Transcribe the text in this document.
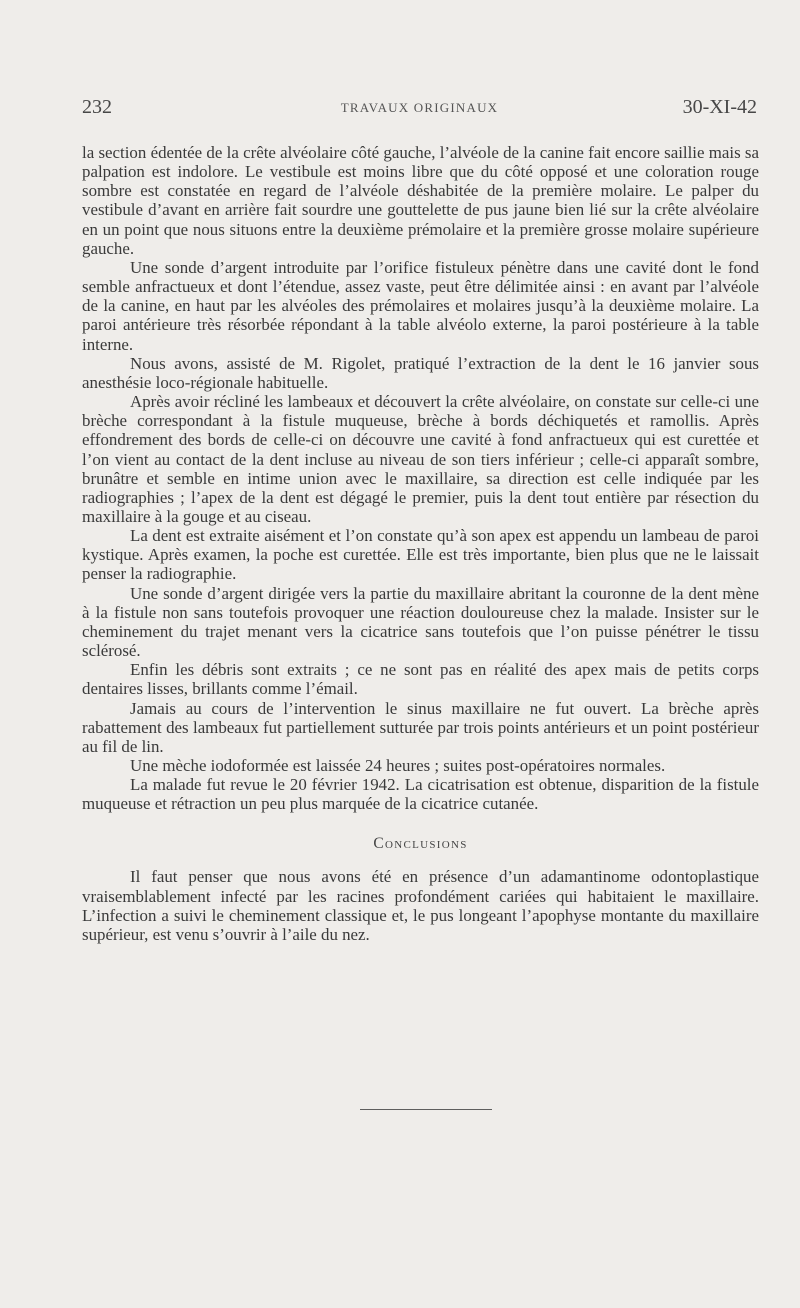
232	TRAVAUX ORIGINAUX	30-XI-42

la section édentée de la crête alvéolaire côté gauche, l’alvéole de la canine fait encore saillie mais sa palpation est indolore. Le vestibule est moins libre que du côté opposé et une coloration rouge sombre est constatée en regard de l’alvéole déshabitée de la première molaire. Le palper du vestibule d’avant en arrière fait sourdre une gouttelette de pus jaune bien lié sur la crête alvéolaire en un point que nous situons entre la deuxième prémolaire et la première grosse molaire supérieure gauche.

Une sonde d’argent introduite par l’orifice fistuleux pénètre dans une cavité dont le fond semble anfractueux et dont l’étendue, assez vaste, peut être délimitée ainsi : en avant par l’alvéole de la canine, en haut par les alvéoles des prémolaires et molaires jusqu’à la deuxième molaire. La paroi antérieure très résorbée répondant à la table alvéolo externe, la paroi postérieure à la table interne.

Nous avons, assisté de M. Rigolet, pratiqué l’extraction de la dent le 16 janvier sous anesthésie loco-régionale habituelle.

Après avoir récliné les lambeaux et découvert la crête alvéolaire, on constate sur celle-ci une brèche correspondant à la fistule muqueuse, brèche à bords déchiquetés et ramollis. Après effondrement des bords de celle-ci on découvre une cavité à fond anfractueux qui est curettée et l’on vient au contact de la dent incluse au niveau de son tiers inférieur ; celle-ci apparaît sombre, brunâtre et semble en intime union avec le maxillaire, sa direction est celle indiquée par les radiographies ; l’apex de la dent est dégagé le premier, puis la dent tout entière par résection du maxillaire à la gouge et au ciseau.

La dent est extraite aisément et l’on constate qu’à son apex est appendu un lambeau de paroi kystique. Après examen, la poche est curettée. Elle est très importante, bien plus que ne le laissait penser la radiographie.

Une sonde d’argent dirigée vers la partie du maxillaire abritant la couronne de la dent mène à la fistule non sans toutefois provoquer une réaction douloureuse chez la malade. Insister sur le cheminement du trajet menant vers la cicatrice sans toutefois que l’on puisse pénétrer le tissu sclérosé.

Enfin les débris sont extraits ; ce ne sont pas en réalité des apex mais de petits corps dentaires lisses, brillants comme l’émail.

Jamais au cours de l’intervention le sinus maxillaire ne fut ouvert. La brèche après rabattement des lambeaux fut partiellement sutturée par trois points antérieurs et un point postérieur au fil de lin.

Une mèche iodoformée est laissée 24 heures ; suites post-opératoires normales.

La malade fut revue le 20 février 1942. La cicatrisation est obtenue, disparition de la fistule muqueuse et rétraction un peu plus marquée de la cicatrice cutanée.

Conclusions

Il faut penser que nous avons été en présence d’un adamantinome odontoplastique vraisemblablement infecté par les racines profondément cariées qui habitaient le maxillaire. L’infection a suivi le cheminement classique et, le pus longeant l’apophyse montante du maxillaire supérieur, est venu s’ouvrir à l’aile du nez.
